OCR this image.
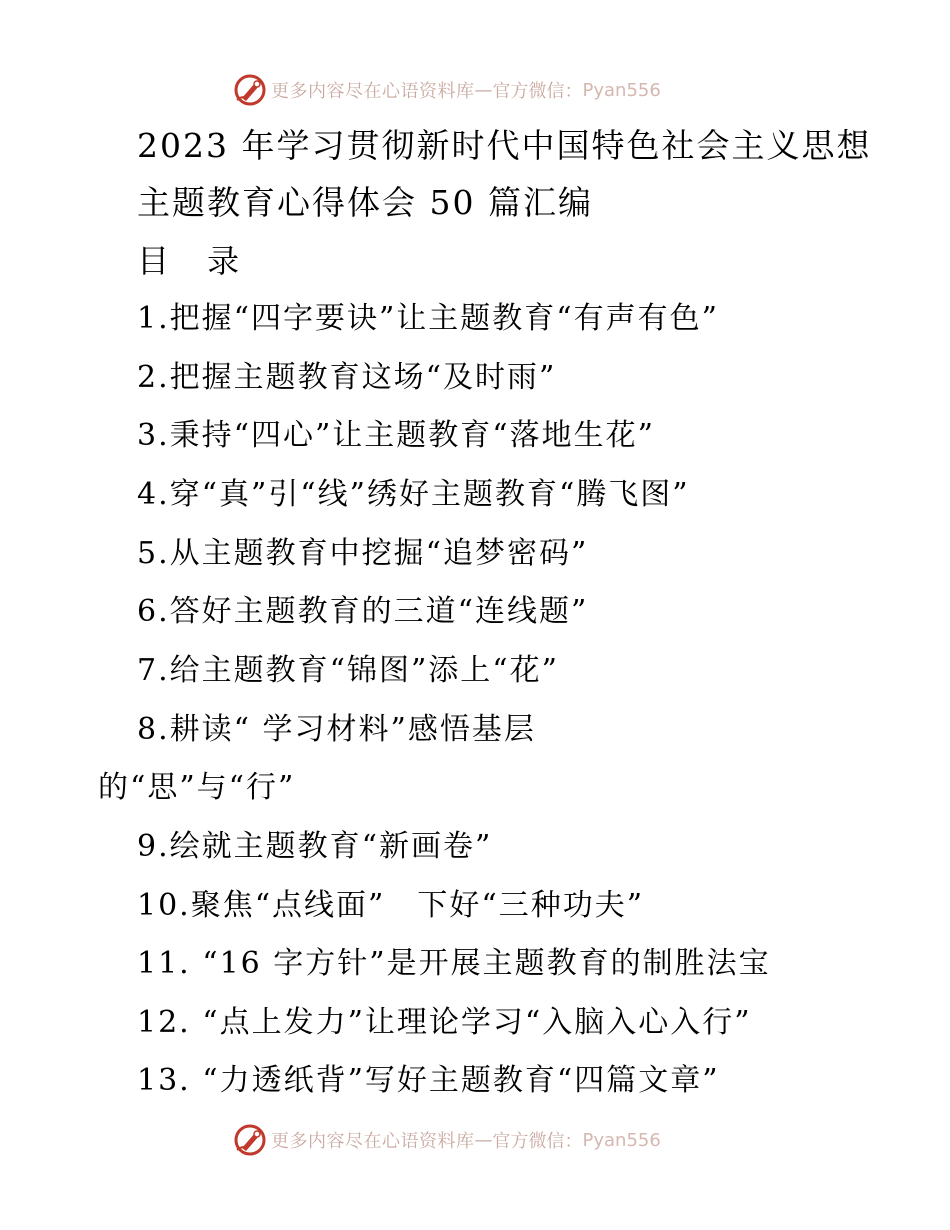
更多内容尽在心语资料库 — 官方微信： Pyan556
2023 年学习贯彻新时代中国特色社会主义思想
主题教育心得体会 50 篇汇编
目 录
1.把握“四字要诀”让主题教育“有声有色”
2.把握主题教育这场“及时雨”
3.秉持“四心”让主题教育“落地生花”
4.穿“真”引“线”绣好主题教育“腾飞图”
5.从主题教育中挖掘“追梦密码”
6.答好主题教育的三道“连线题”
7.给主题教育“锦图”添上“花”
8.耕读“ 学习材料”感悟基层
的“思”与“行”
9.绘就主题教育“新画卷”
10.聚焦“点线面”　下好“三种功夫”
11. “16 字方针”是开展主题教育的制胜法宝
12. “点上发力”让理论学习“入脑入心入行”
13. “力透纸背”写好主题教育“四篇文章”
更多内容尽在心语资料库 — 官方微信： Pyan556
